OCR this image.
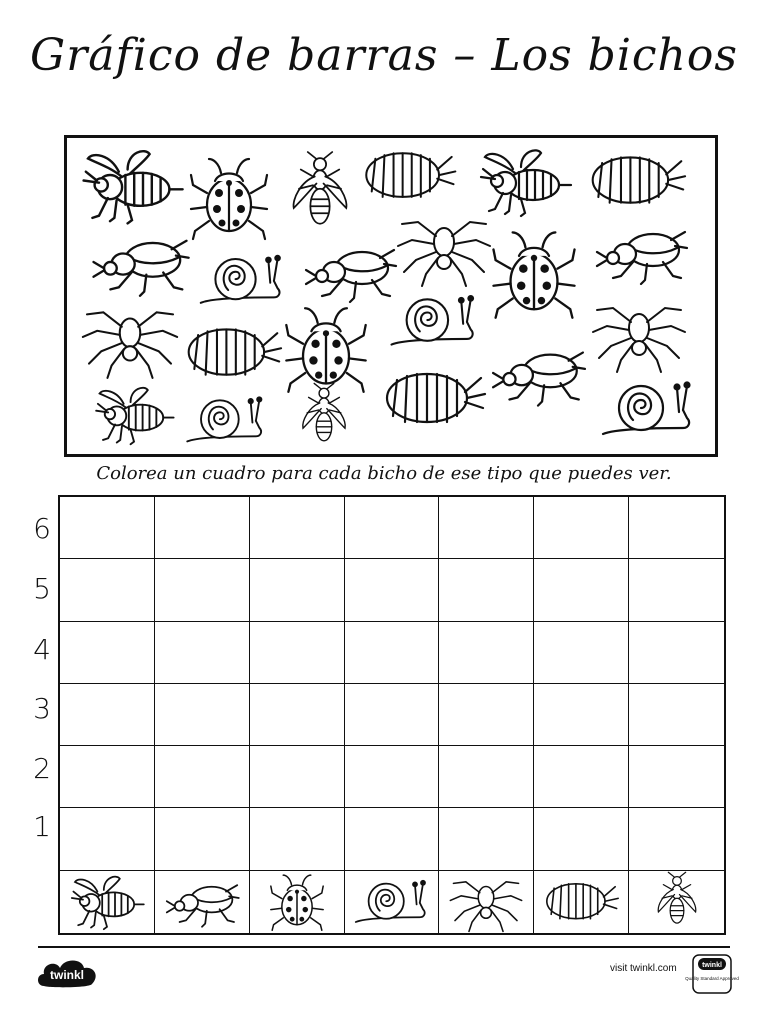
Gráfico de barras – Los bichos
Colorea un cuadro para cada bicho de ese tipo que puedes ver.
6
5
4
3
2
1
twinkl	visit twinkl.com	twinkl
Quality Standard Approved
